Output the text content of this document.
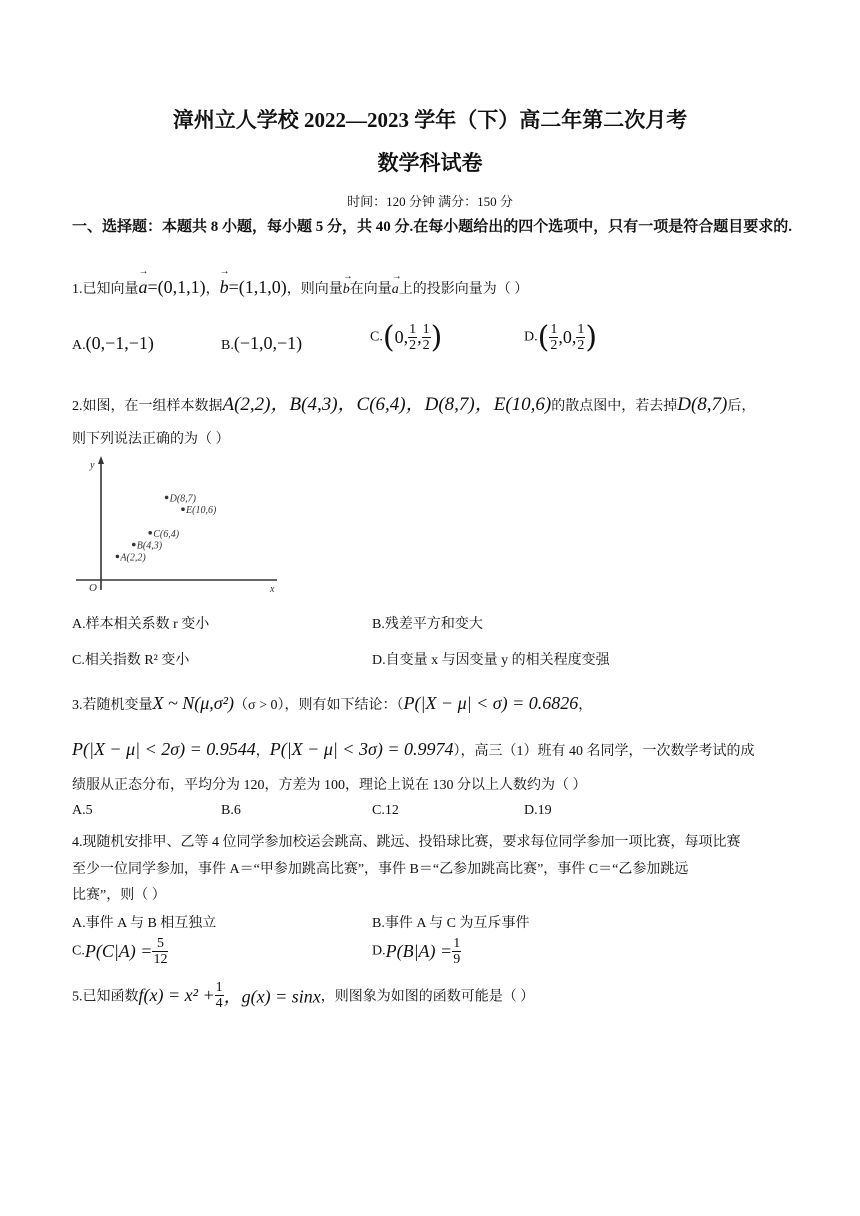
漳州立人学校 2022—2023 学年（下）高二年第二次月考
数学科试卷
时间：120 分钟 满分：150 分
一、选择题：本题共 8 小题，每小题 5 分，共 40 分.在每小题给出的四个选项中，只有一项是符合题目要求的.
1.已知向量→ a=(0,1,1)，→ b=(1,1,0)，则向量→ b在向量→ a上的投影向量为（ ）
A.(0,−1,−1)	B.(−1,0,−1)	C.(0, $\frac{1}{2}$ , $\frac{1}{2}$ )	$D.( \frac{1}{2} ,0$, $\frac{1}{2}$ )
2.如图，在一组样本数据A(2,2)，B(4,3)，C(6,4)，D(8,7)，E(10,6)的散点图中，若去掉D(8,7)后，
则下列说法正确的为（ ）
y
x
O
A(2,2)
B(4,3)
C(6,4)
D(8,7)
E(10,6)
A.样本相关系数 r 变小	B.残差平方和变大
C.相关指数 R² 变小	D.自变量 x 与因变量 y 的相关程度变强
3.若随机变量X ~ N(μ,σ²)（σ > 0），则有如下结论：（P(|X − μ| < σ) = 0.6826，
P(|X − μ| < 2σ) = 0.9544，P(|X − μ| < 3σ) = 0.9974），高三（1）班有 40 名同学，一次数学考试的成
绩服从正态分布，平均分为 120，方差为 100，理论上说在 130 分以上人数约为（ ）
A.5	B.6	C.12	D.19
4.现随机安排甲、乙等 4 位同学参加校运会跳高、跳远、投铅球比赛，要求每位同学参加一项比赛，每项比赛
至少一位同学参加，事件 A＝“甲参加跳高比赛”，事件 B＝“乙参加跳高比赛”，事件 C＝“乙参加跳远
比赛”，则（ ）
A.事件 A 与 B 相互独立	B.事件 A 与 C 为互斥事件
$C.P(C|A) = \frac{5}{12}$	$D.P(B|A) = \frac{1}{9}$
5.已知函数$f(x) = x^2 + \frac{1}{4}$ ，g(x) = sinx，则图象为如图的函数可能是（ ）
